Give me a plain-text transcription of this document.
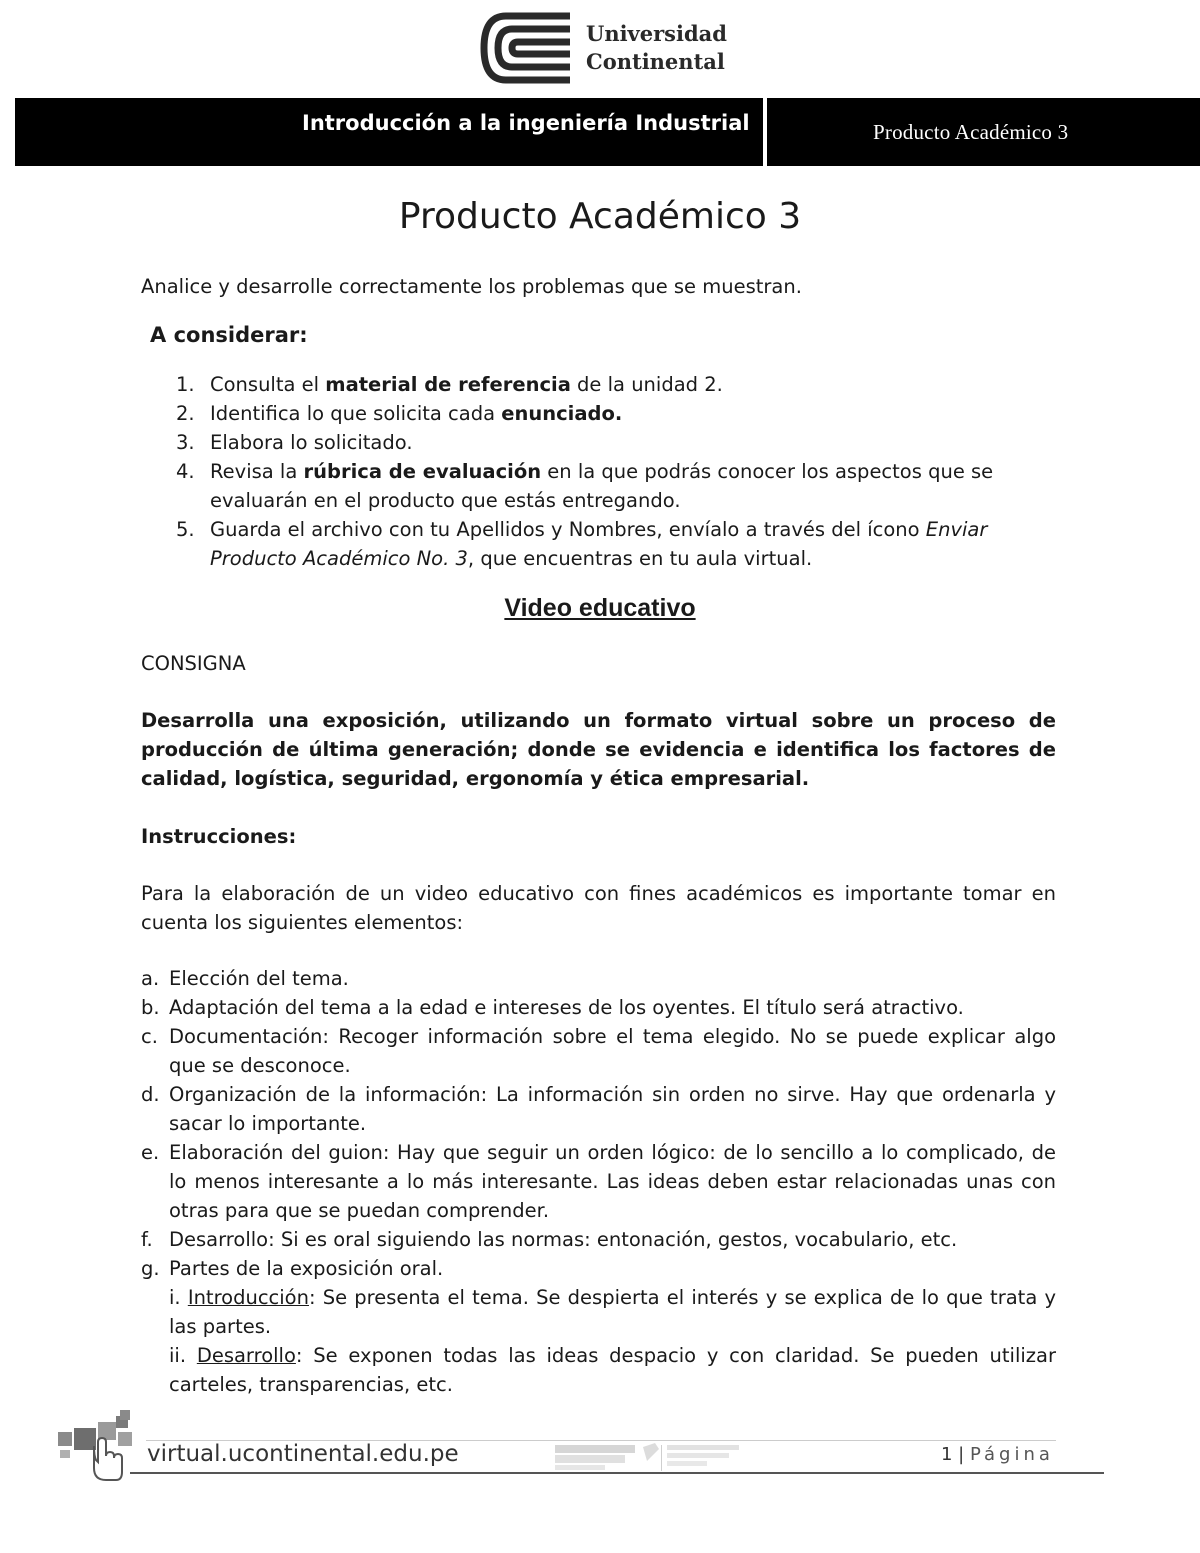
Universidad
Continental
Introducción a la ingeniería Industrial	Producto Académico 3
Producto Académico 3

Analice y desarrolle correctamente los problemas que se muestran.

A considerar:

1. Consulta el material de referencia de la unidad 2.
2. Identifica lo que solicita cada enunciado.
3. Elabora lo solicitado.
4. Revisa la rúbrica de evaluación en la que podrás conocer los aspectos que se evaluarán en el producto que estás entregando.
5. Guarda el archivo con tu Apellidos y Nombres, envíalo a través del ícono Enviar Producto Académico No. 3, que encuentras en tu aula virtual.
Video educativo

CONSIGNA

Desarrolla una exposición, utilizando un formato virtual sobre un proceso de producción de última generación; donde se evidencia e identifica los factores de calidad, logística, seguridad, ergonomía y ética empresarial.

Instrucciones:

Para la elaboración de un video educativo con fines académicos es importante tomar en cuenta los siguientes elementos:

a. Elección del tema.
b. Adaptación del tema a la edad e intereses de los oyentes. El título será atractivo.
c. Documentación: Recoger información sobre el tema elegido. No se puede explicar algo que se desconoce.
d. Organización de la información: La información sin orden no sirve. Hay que ordenarla y sacar lo importante.
e. Elaboración del guion: Hay que seguir un orden lógico: de lo sencillo a lo complicado, de lo menos interesante a lo más interesante. Las ideas deben estar relacionadas unas con otras para que se puedan comprender.
f. Desarrollo: Si es oral siguiendo las normas: entonación, gestos, vocabulario, etc.
g. Partes de la exposición oral.
i. Introducción: Se presenta el tema. Se despierta el interés y se explica de lo que trata y las partes.
ii. Desarrollo: Se exponen todas las ideas despacio y con claridad. Se pueden utilizar carteles, transparencias, etc.
virtual.ucontinental.edu.pe	1 | Página
